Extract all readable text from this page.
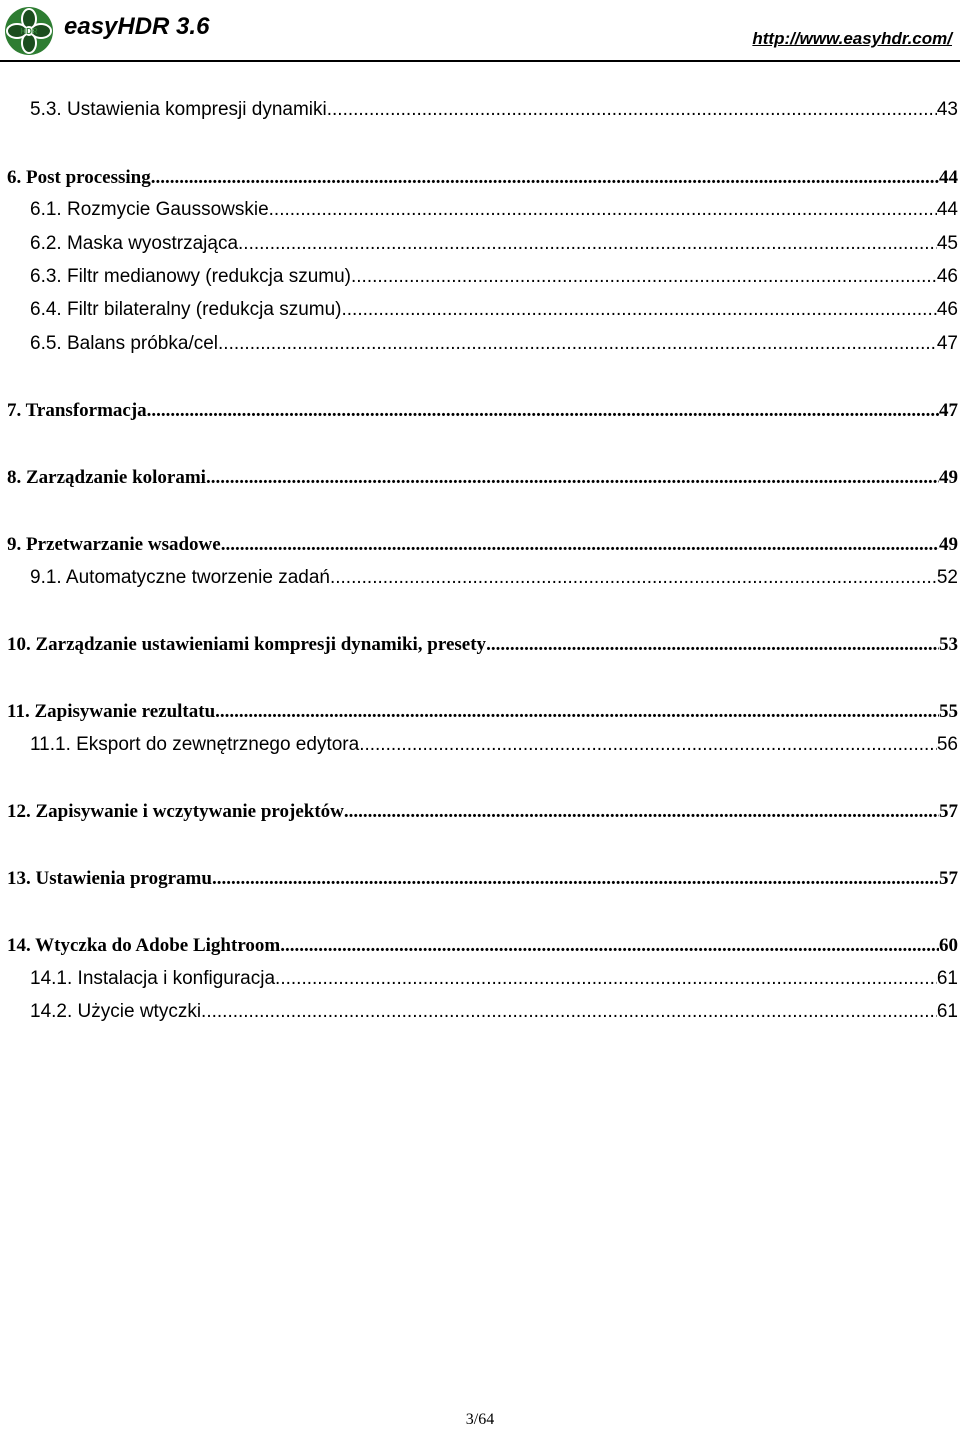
HDR easyHDR 3.6	http://www.easyhdr.com/
5.3. Ustawienia kompresji dynamiki .....	43
6. Post processing .....	44
6.1. Rozmycie Gaussowskie .....	44
6.2. Maska wyostrzająca .....	45
6.3. Filtr medianowy (redukcja szumu) .....	46
6.4. Filtr bilateralny (redukcja szumu) .....	46
6.5. Balans próbka/cel .....	47
7. Transformacja .....	47
8. Zarządzanie kolorami .....	49
9. Przetwarzanie wsadowe .....	49
9.1. Automatyczne tworzenie zadań .....	52
10. Zarządzanie ustawieniami kompresji dynamiki, presety .....	53
11. Zapisywanie rezultatu .....	55
11.1. Eksport do zewnętrznego edytora .....	56
12. Zapisywanie i wczytywanie projektów .....	57
13. Ustawienia programu .....	57
14. Wtyczka do Adobe Lightroom .....	60
14.1. Instalacja i konfiguracja .....	61
14.2. Użycie wtyczki .....	61
3/64
